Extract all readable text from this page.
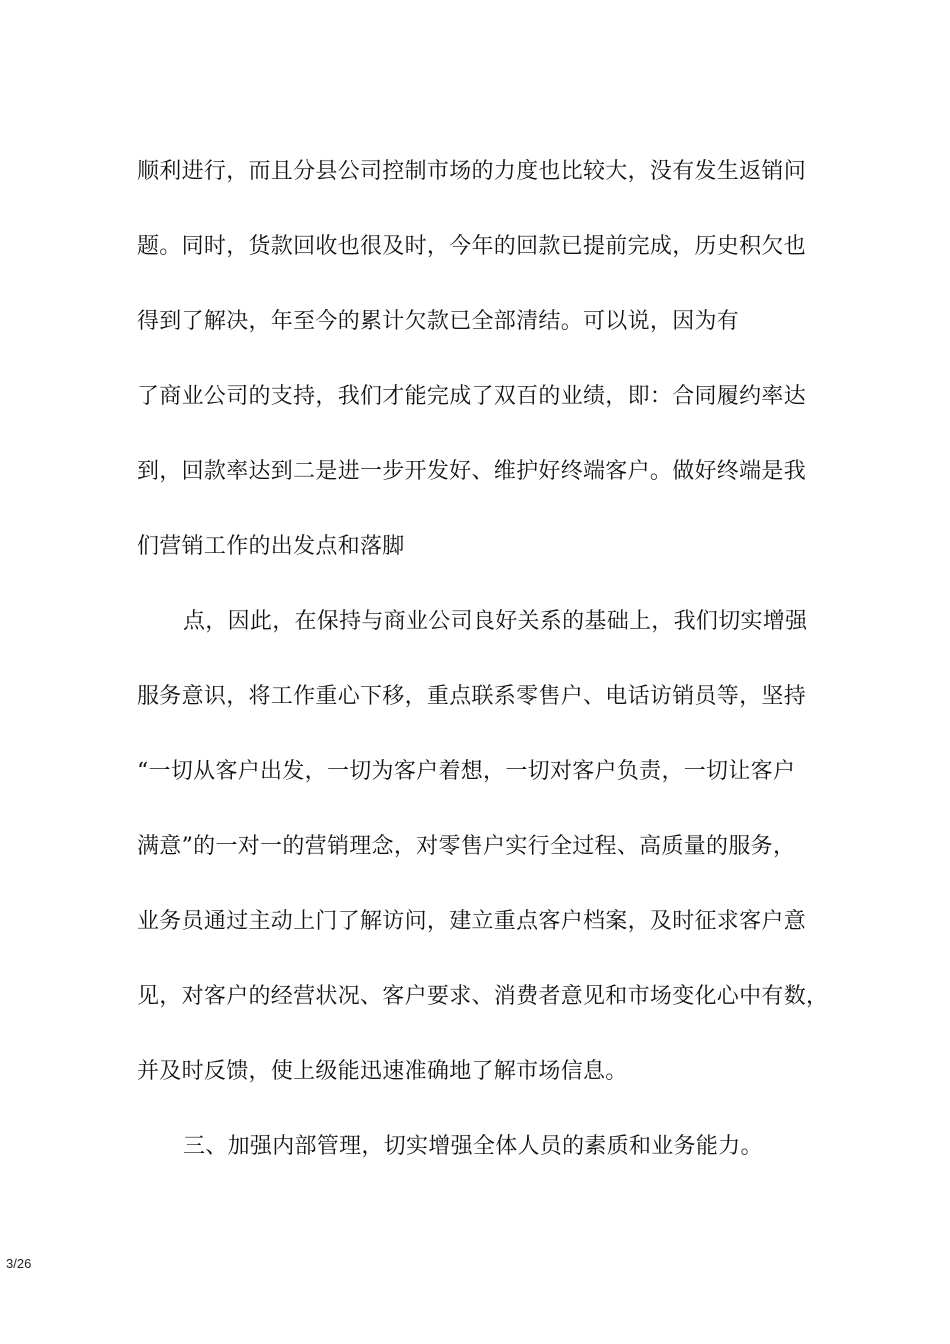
顺利进行，而且分县公司控制市场的力度也比较大，没有发生返销问
题。同时，货款回收也很及时，今年的回款已提前完成，历史积欠也
得到了解决，年至今的累计欠款已全部清结。可以说，因为有
了商业公司的支持，我们才能完成了双百的业绩，即：合同履约率达
到，回款率达到二是进一步开发好、维护好终端客户。做好终端是我
们营销工作的出发点和落脚
点，因此，在保持与商业公司良好关系的基础上，我们切实增强
服务意识，将工作重心下移，重点联系零售户、电话访销员等，坚持
“一切从客户出发，一切为客户着想，一切对客户负责，一切让客户
满意”的一对一的营销理念，对零售户实行全过程、高质量的服务，
业务员通过主动上门了解访问，建立重点客户档案，及时征求客户意
见，对客户的经营状况、客户要求、消费者意见和市场变化心中有数，
并及时反馈，使上级能迅速准确地了解市场信息。
三、加强内部管理，切实增强全体人员的素质和业务能力。
3/26
